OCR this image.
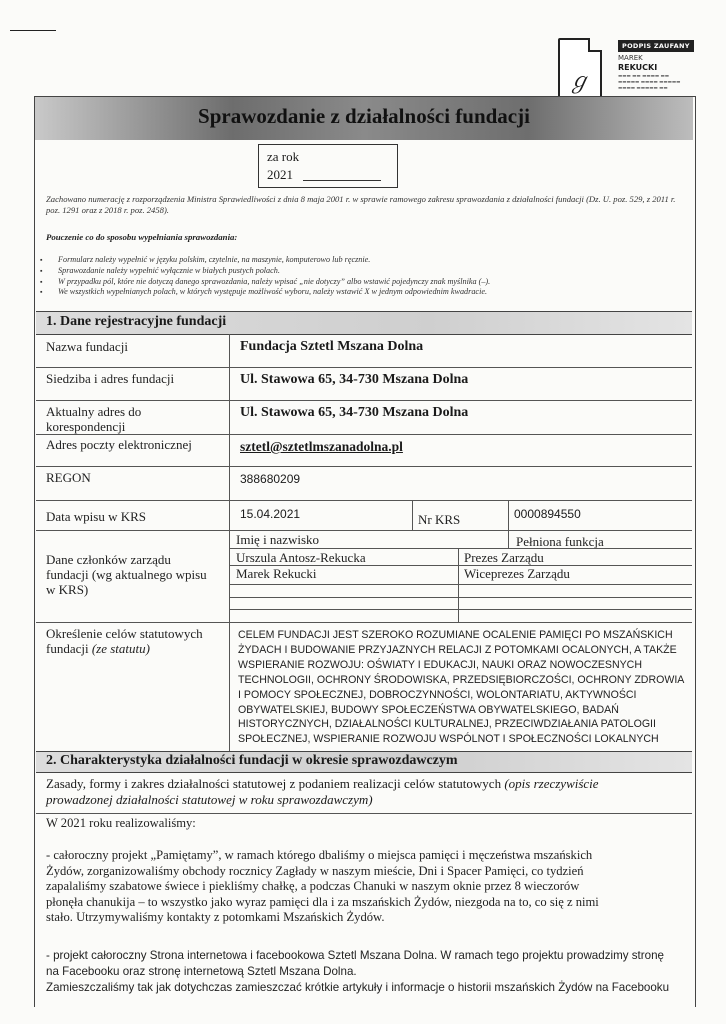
ℊ
PODPIS ZAUFANY
MAREK
REKUCKI
▬▬▬ ▬▬ ▬▬▬▬ ▬▬
▬▬▬▬▬ ▬▬▬▬ ▬▬▬▬▬
▬▬▬▬ ▬▬▬▬▬ ▬▬
Sprawozdanie z działalności fundacji
za rok
2021
Zachowano numerację z rozporządzenia Ministra Sprawiedliwości z dnia 8 maja 2001 r. w sprawie ramowego zakresu sprawozdania z działalności fundacji (Dz. U. poz. 529, z 2011 r. poz. 1291 oraz z 2018 r. poz. 2458).
Pouczenie co do sposobu wypełniania sprawozdania:
▪ Formularz należy wypełnić w języku polskim, czytelnie, na maszynie, komputerowo lub ręcznie.
▪ Sprawozdanie należy wypełnić wyłącznie w białych pustych polach.
▪ W przypadku pól, które nie dotyczą danego sprawozdania, należy wpisać „nie dotyczy” albo wstawić pojedynczy znak myślnika (–).
▪ We wszystkich wypełnianych polach, w których występuje możliwość wyboru, należy wstawić X w jednym odpowiednim kwadracie.
1. Dane rejestracyjne fundacji
Nazwa fundacji	Fundacja Sztetl Mszana Dolna
Siedziba i adres fundacji	Ul. Stawowa 65, 34-730 Mszana Dolna
Aktualny adres do
korespondencji
Ul. Stawowa 65, 34-730 Mszana Dolna
Adres poczty elektronicznej	sztetl@sztetlmszanadolna.pl
REGON	388680209
Data wpisu w KRS	15.04.2021	Nr KRS	0000894550
Dane członków zarządu
fundacji (wg aktualnego wpisu
w KRS)
Imię i nazwisko	Pełniona funkcja
Urszula Antosz-Rekucka	Prezes Zarządu
Marek Rekucki	Wiceprezes Zarządu
Określenie celów statutowych
fundacji (ze statutu)
CELEM FUNDACJI JEST SZEROKO ROZUMIANE OCALENIE PAMIĘCI PO MSZAŃSKICH
ŻYDACH I BUDOWANIE PRZYJAZNYCH RELACJI Z POTOMKAMI OCALONYCH, A TAKŻE
WSPIERANIE ROZWOJU: OŚWIATY I EDUKACJI, NAUKI ORAZ NOWOCZESNYCH
TECHNOLOGII, OCHRONY ŚRODOWISKA, PRZEDSIĘBIORCZOŚCI, OCHRONY ZDROWIA
I POMOCY SPOŁECZNEJ, DOBROCZYNNOŚCI, WOLONTARIATU, AKTYWNOŚCI
OBYWATELSKIEJ, BUDOWY SPOŁECZEŃSTWA OBYWATELSKIEGO, BADAŃ
HISTORYCZNYCH, DZIAŁALNOŚCI KULTURALNEJ, PRZECIWDZIAŁANIA PATOLOGII
SPOŁECZNEJ, WSPIERANIE ROZWOJU WSPÓLNOT I SPOŁECZNOŚCI LOKALNYCH
2. Charakterystyka działalności fundacji w okresie sprawozdawczym
Zasady, formy i zakres działalności statutowej z podaniem realizacji celów statutowych (opis rzeczywiście
prowadzonej działalności statutowej w roku sprawozdawczym)
W 2021 roku realizowaliśmy:
- całoroczny projekt „Pamiętamy”, w ramach którego dbaliśmy o miejsca pamięci i męczeństwa mszańskich
Żydów, zorganizowaliśmy obchody rocznicy Zagłady w naszym mieście, Dni i Spacer Pamięci, co tydzień
zapalaliśmy szabatowe świece i piekliśmy chałkę, a podczas Chanuki w naszym oknie przez 8 wieczorów
płonęła chanukija – to wszystko jako wyraz pamięci dla i za mszańskich Żydów, niezgoda na to, co się z nimi
stało. Utrzymywaliśmy kontakty z potomkami Mszańskich Żydów.
- projekt całoroczny Strona internetowa i facebookowa Sztetl Mszana Dolna. W ramach tego projektu prowadzimy stronę
na Facebooku oraz stronę internetową Sztetl Mszana Dolna.
Zamieszczaliśmy tak jak dotychczas zamieszczać krótkie artykuły i informacje o historii mszańskich Żydów na Facebooku
